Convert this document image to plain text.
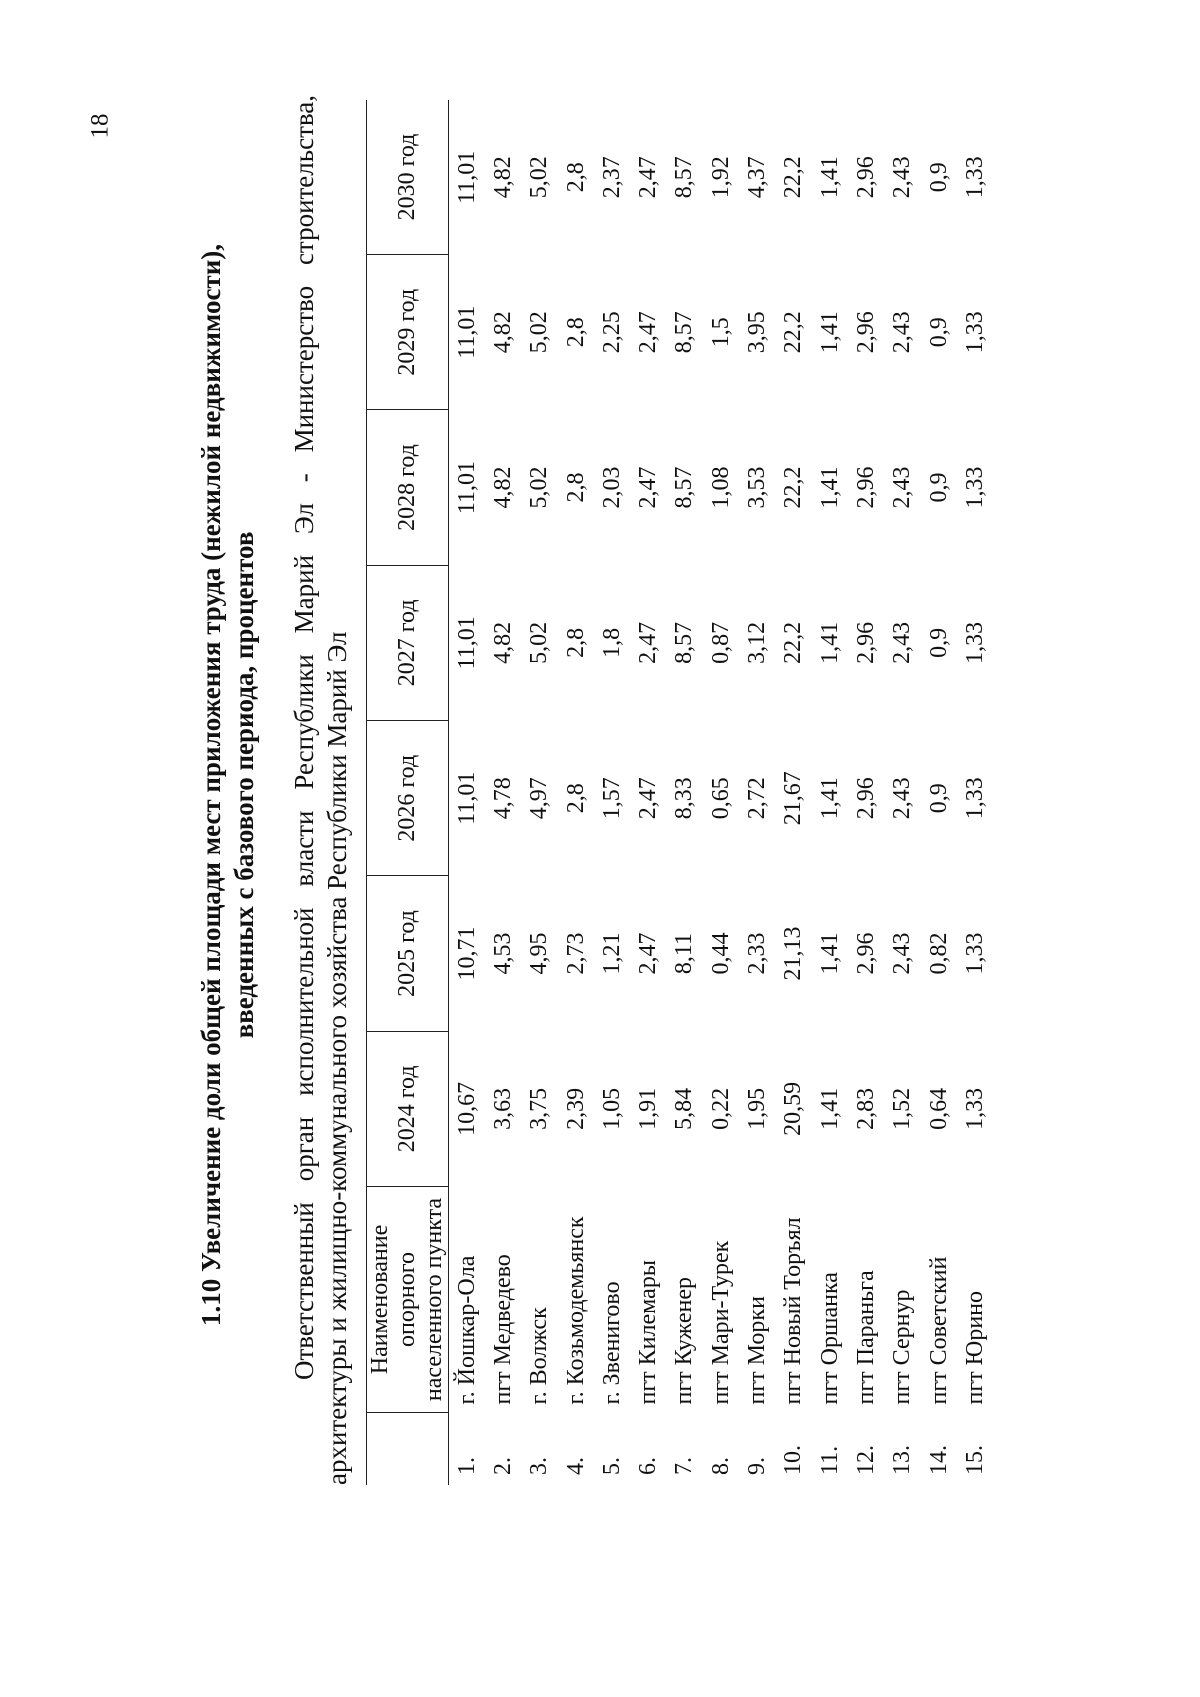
18
1.10 Увеличение доли общей площади мест приложения труда (нежилой недвижимости), введенных с базового периода, процентов Ответственный орган исполнительной власти Республики Марий Эл - Министерство строительства, архитектуры и жилищно-коммунального хозяйства Республики Марий Эл

	Наименование опорного населенного пункта	2024 год	2025 год	2026 год	2027 год	2028 год	2029 год	2030 год
1.	г. Йошкар-Ола	10,67	10,71	11,01	11,01	11,01	11,01	11,01
2.	пгт Медведево	3,63	4,53	4,78	4,82	4,82	4,82	4,82
3.	г. Волжск	3,75	4,95	4,97	5,02	5,02	5,02	5,02
4.	г. Козьмодемьянск	2,39	2,73	2,8	2,8	2,8	2,8	2,8
5.	г. Звенигово	1,05	1,21	1,57	1,8	2,03	2,25	2,37
6.	пгт Килемары	1,91	2,47	2,47	2,47	2,47	2,47	2,47
7.	пгт Куженер	5,84	8,11	8,33	8,57	8,57	8,57	8,57
8.	пгт Мари-Турек	0,22	0,44	0,65	0,87	1,08	1,5	1,92
9.	пгт Морки	1,95	2,33	2,72	3,12	3,53	3,95	4,37
10.	пгт Новый Торъял	20,59	21,13	21,67	22,2	22,2	22,2	22,2
11.	пгт Оршанка	1,41	1,41	1,41	1,41	1,41	1,41	1,41
12.	пгт Параньга	2,83	2,96	2,96	2,96	2,96	2,96	2,96
13.	пгт Сернур	1,52	2,43	2,43	2,43	2,43	2,43	2,43
14.	пгт Советский	0,64	0,82	0,9	0,9	0,9	0,9	0,9
15.	пгт Юрино	1,33	1,33	1,33	1,33	1,33	1,33	1,33
